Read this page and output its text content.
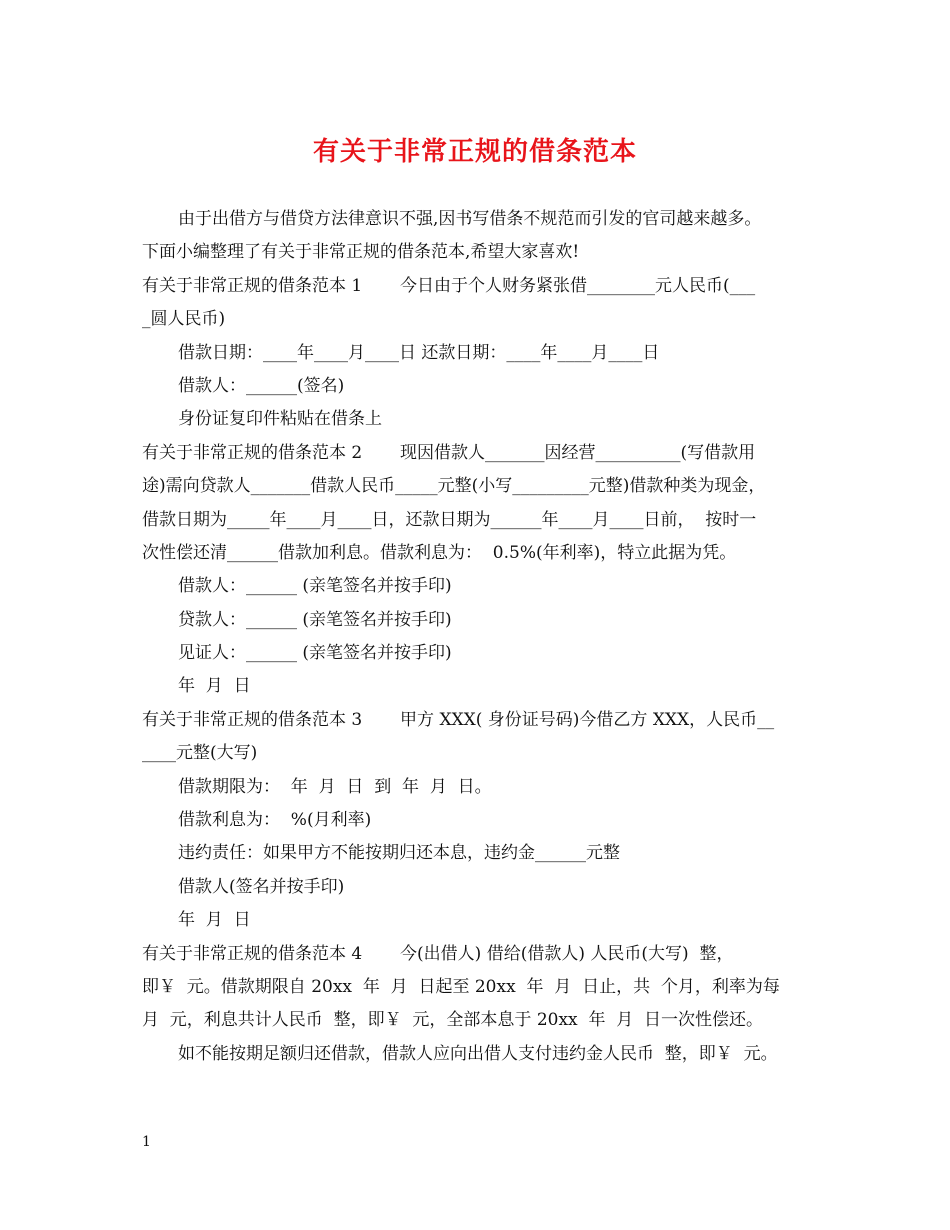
有关于非常正规的借条范本
由于出借方与借贷方法律意识不强,因书写借条不规范而引发的官司越来越多。
下面小编整理了有关于非常正规的借条范本,希望大家喜欢!
有关于非常正规的借条范本 1       今日由于个人财务紧张借________元人民币(___
_圆人民币)
借款日期：____年____月____日 还款日期：____年____月____日
借款人：______(签名)
身份证复印件粘贴在借条上
有关于非常正规的借条范本 2       现因借款人_______因经营__________(写借款用
途)需向贷款人_______借款人民币_____元整(小写_________元整)借款种类为现金，
借款日期为_____年____月____日，还款日期为______年____月____日前，  按时一
次性偿还清______借款加利息。借款利息为：  0.5%(年利率)，特立此据为凭。
借款人：______ (亲笔签名并按手印)
贷款人：______ (亲笔签名并按手印)
见证人：______ (亲笔签名并按手印)
年  月  日
有关于非常正规的借条范本 3       甲方 XXX( 身份证号码)今借乙方 XXX，人民币__
____元整(大写)
借款期限为：  年  月  日  到  年  月  日。
借款利息为：  %(月利率)
违约责任：如果甲方不能按期归还本息，违约金______元整
借款人(签名并按手印)
年  月  日
有关于非常正规的借条范本 4       今(出借人) 借给(借款人) 人民币(大写)  整，
即￥  元。借款期限自 20xx  年  月  日起至 20xx  年  月  日止，共  个月，利率为每
月  元，利息共计人民币  整，即￥  元，全部本息于 20xx  年  月  日一次性偿还。
如不能按期足额归还借款，借款人应向出借人支付违约金人民币  整，即￥  元。
1
